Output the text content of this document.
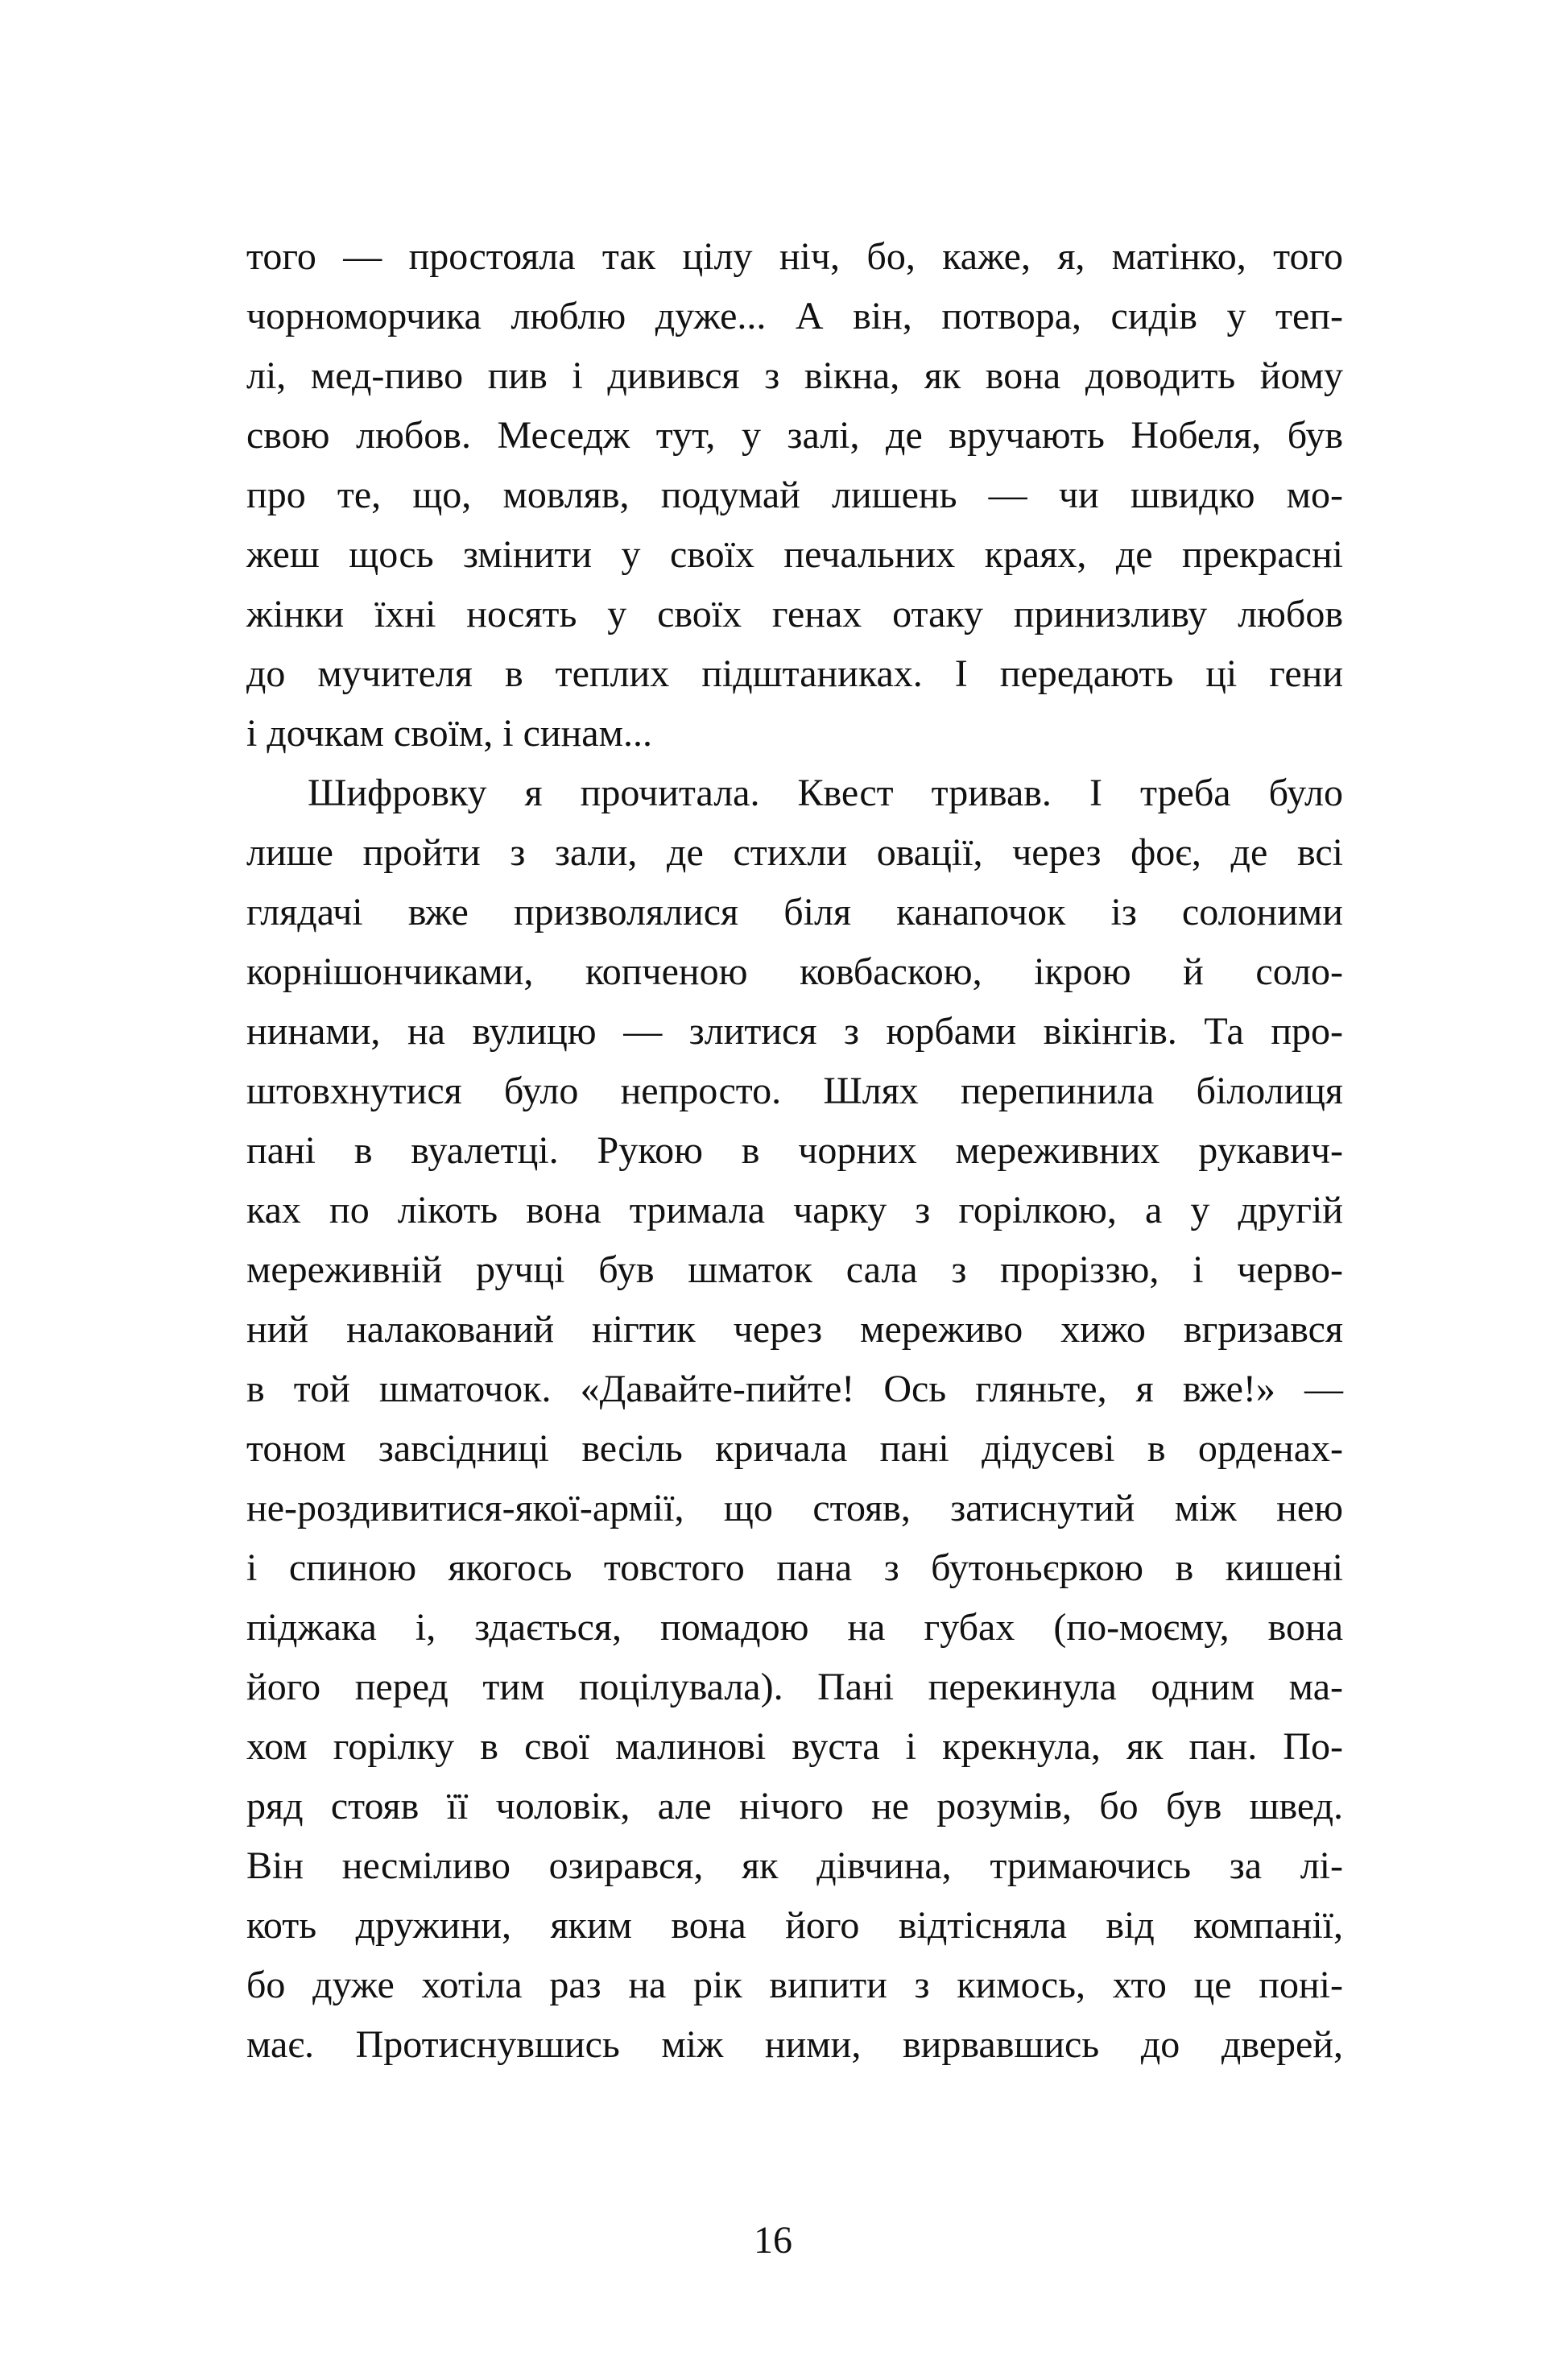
того — простояла так цілу ніч, бо, каже, я, матінко, того
чорноморчика люблю дуже... А він, потвора, сидів у теп-
лі, мед-пиво пив і дивився з вікна, як вона доводить йому
свою любов. Меседж тут, у залі, де вручають Нобеля, був
про те, що, мовляв, подумай лишень — чи швидко мо-
жеш щось змінити у своїх печальних краях, де прекрасні
жінки їхні носять у своїх генах отаку принизливу любов
до мучителя в теплих підштаниках. І передають ці гени
і дочкам своїм, і синам...
Шифровку я прочитала. Квест тривав. І треба було
лише пройти з зали, де стихли овації, через фоє, де всі
глядачі вже призволялися біля канапочок із солоними
корнішончиками, копченою ковбаскою, ікрою й соло-
нинами, на вулицю — злитися з юрбами вікінгів. Та про-
штовхнутися було непросто. Шлях перепинила білолиця
пані в вуалетці. Рукою в чорних мереживних рукавич-
ках по лікоть вона тримала чарку з горілкою, а у другій
мереживній ручці був шматок сала з проріззю, і черво-
ний налакований нігтик через мереживо хижо вгризався
в той шматочок. «Давайте-пийте! Ось гляньте, я вже!» —
тоном завсідниці весіль кричала пані дідусеві в орденах-
не-роздивитися-якої-армії, що стояв, затиснутий між нею
і спиною якогось товстого пана з бутоньєркою в кишені
піджака і, здається, помадою на губах (по-моєму, вона
його перед тим поцілувала). Пані перекинула одним ма-
хом горілку в свої малинові вуста і крекнула, як пан. По-
ряд стояв її чоловік, але нічого не розумів, бо був швед.
Він несміливо озирався, як дівчина, тримаючись за лі-
коть дружини, яким вона його відтісняла від компанії,
бо дуже хотіла раз на рік випити з кимось, хто це поні-
має. Протиснувшись між ними, вирвавшись до дверей,
16
